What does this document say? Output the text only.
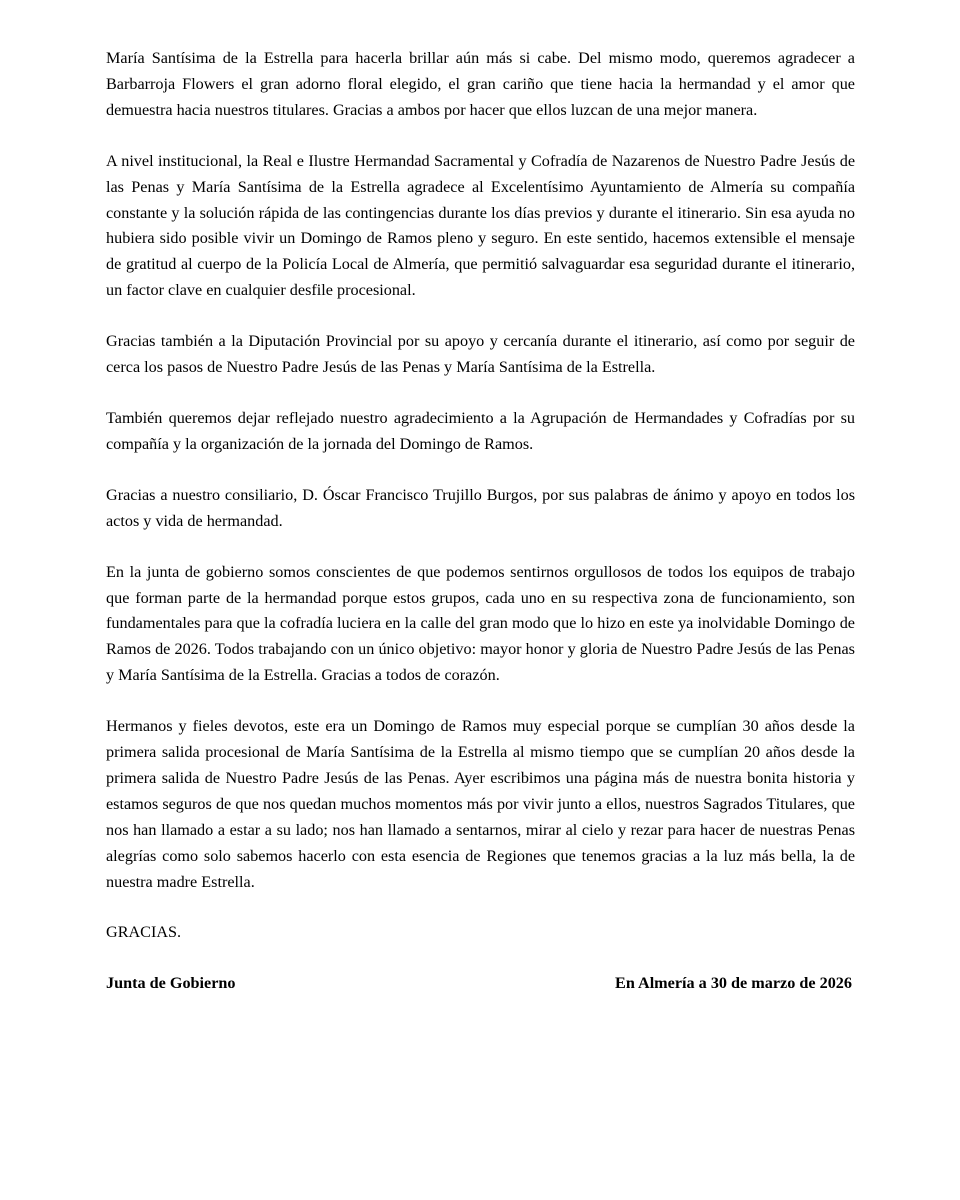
María Santísima de la Estrella para hacerla brillar aún más si cabe. Del mismo modo, queremos agradecer a Barbarroja Flowers el gran adorno floral elegido, el gran cariño que tiene hacia la hermandad y el amor que demuestra hacia nuestros titulares. Gracias a ambos por hacer que ellos luzcan de una mejor manera.

A nivel institucional, la Real e Ilustre Hermandad Sacramental y Cofradía de Nazarenos de Nuestro Padre Jesús de las Penas y María Santísima de la Estrella agradece al Excelentísimo Ayuntamiento de Almería su compañía constante y la solución rápida de las contingencias durante los días previos y durante el itinerario. Sin esa ayuda no hubiera sido posible vivir un Domingo de Ramos pleno y seguro. En este sentido, hacemos extensible el mensaje de gratitud al cuerpo de la Policía Local de Almería, que permitió salvaguardar esa seguridad durante el itinerario, un factor clave en cualquier desfile procesional.

Gracias también a la Diputación Provincial por su apoyo y cercanía durante el itinerario, así como por seguir de cerca los pasos de Nuestro Padre Jesús de las Penas y María Santísima de la Estrella.

También queremos dejar reflejado nuestro agradecimiento a la Agrupación de Hermandades y Cofradías por su compañía y la organización de la jornada del Domingo de Ramos.

Gracias a nuestro consiliario, D. Óscar Francisco Trujillo Burgos, por sus palabras de ánimo y apoyo en todos los actos y vida de hermandad.

En la junta de gobierno somos conscientes de que podemos sentirnos orgullosos de todos los equipos de trabajo que forman parte de la hermandad porque estos grupos, cada uno en su respectiva zona de funcionamiento, son fundamentales para que la cofradía luciera en la calle del gran modo que lo hizo en este ya inolvidable Domingo de Ramos de 2026. Todos trabajando con un único objetivo: mayor honor y gloria de Nuestro Padre Jesús de las Penas y María Santísima de la Estrella. Gracias a todos de corazón.

Hermanos y fieles devotos, este era un Domingo de Ramos muy especial porque se cumplían 30 años desde la primera salida procesional de María Santísima de la Estrella al mismo tiempo que se cumplían 20 años desde la primera salida de Nuestro Padre Jesús de las Penas. Ayer escribimos una página más de nuestra bonita historia y estamos seguros de que nos quedan muchos momentos más por vivir junto a ellos, nuestros Sagrados Titulares, que nos han llamado a estar a su lado; nos han llamado a sentarnos, mirar al cielo y rezar para hacer de nuestras Penas alegrías como solo sabemos hacerlo con esta esencia de Regiones que tenemos gracias a la luz más bella, la de nuestra madre Estrella.

GRACIAS.

Junta de Gobierno	En Almería a 30 de marzo de 2026
